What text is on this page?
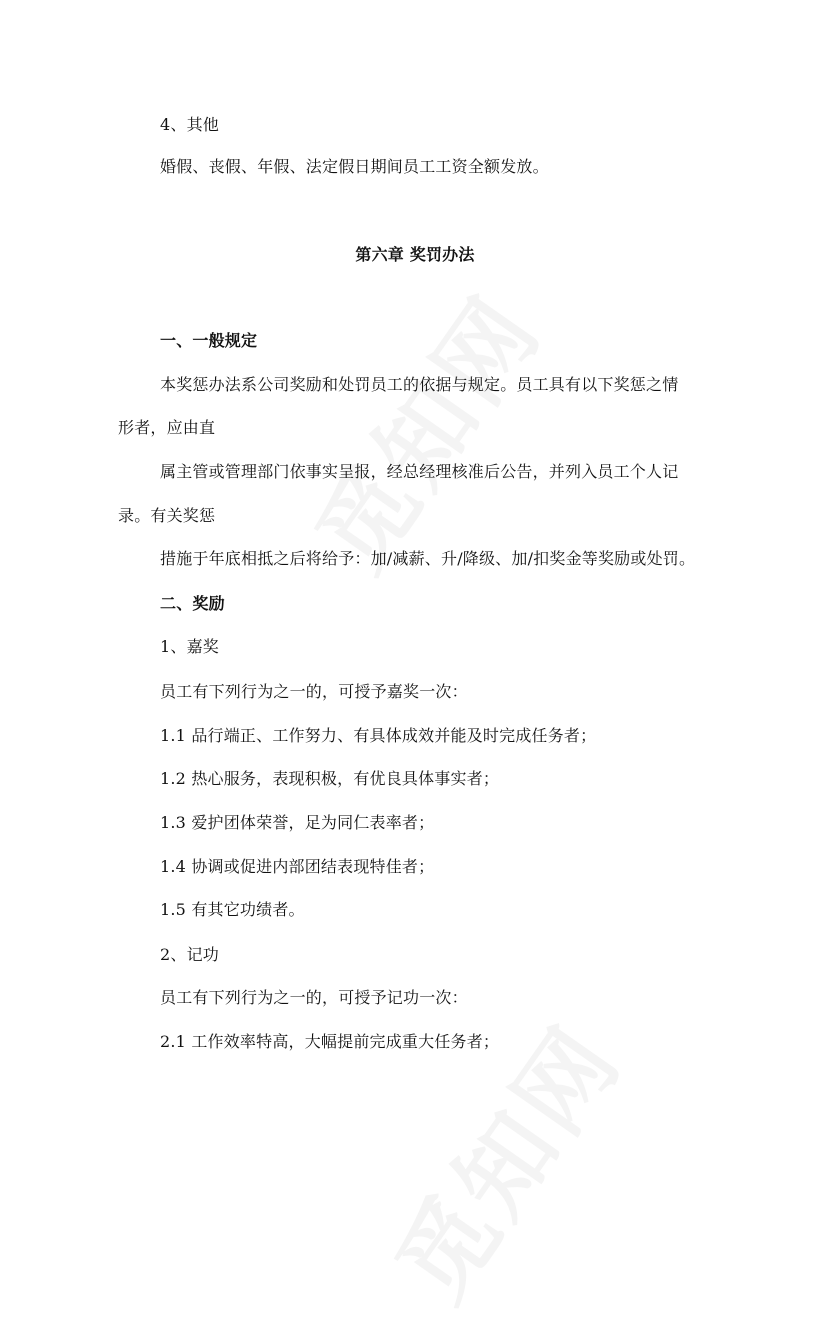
4、其他
婚假、丧假、年假、法定假日期间员工工资全额发放。
第六章 奖罚办法
一、一般规定
本奖惩办法系公司奖励和处罚员工的依据与规定。员工具有以下奖惩之情
形者，应由直
属主管或管理部门依事实呈报，经总经理核准后公告，并列入员工个人记
录。有关奖惩
措施于年底相抵之后将给予：加/减薪、升/降级、加/扣奖金等奖励或处罚。
二、奖励
1、嘉奖
员工有下列行为之一的，可授予嘉奖一次：
1.1 品行端正、工作努力、有具体成效并能及时完成任务者；
1.2 热心服务，表现积极，有优良具体事实者；
1.3 爱护团体荣誉，足为同仁表率者；
1.4 协调或促进内部团结表现特佳者；
1.5 有其它功绩者。
2、记功
员工有下列行为之一的，可授予记功一次：
2.1 工作效率特高，大幅提前完成重大任务者；
